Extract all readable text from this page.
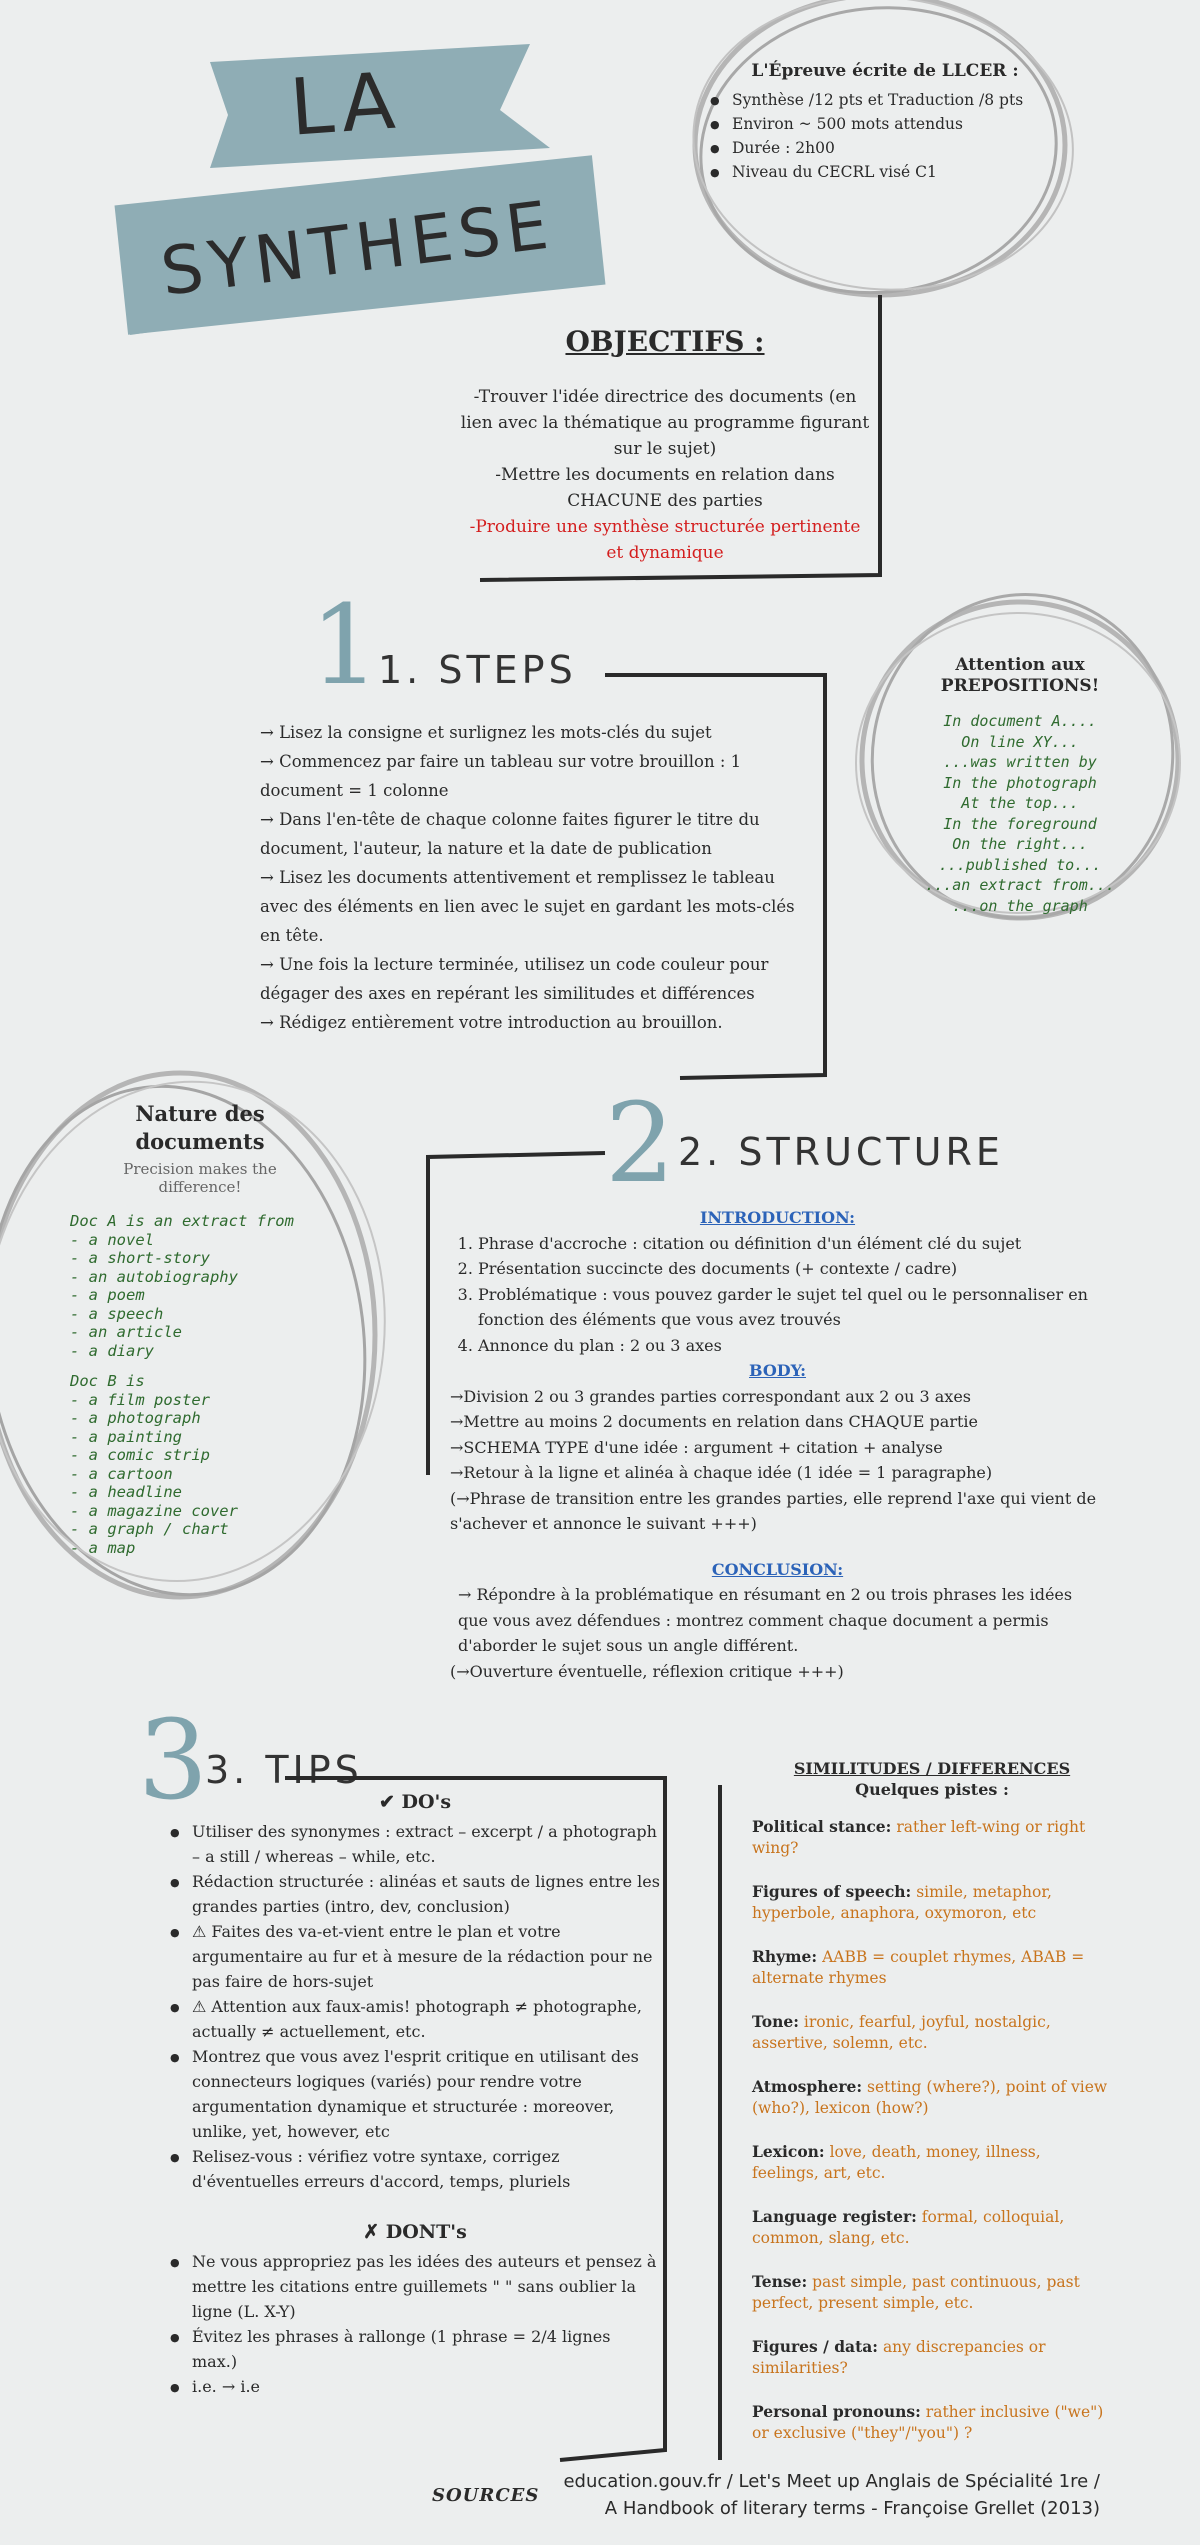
LA
SYNTHESE
L'Épreuve écrite de LLCER :
● Synthèse /12 pts et Traduction /8 pts
● Environ ~ 500 mots attendus
● Durée : 2h00
● Niveau du CECRL visé C1
OBJECTIFS :
-Trouver l'idée directrice des documents (en lien avec la thématique au programme figurant sur le sujet)
-Mettre les documents en relation dans CHACUNE des parties
-Produire une synthèse structurée pertinente et dynamique
1
1. STEPS
→ Lisez la consigne et surlignez les mots-clés du sujet
→ Commencez par faire un tableau sur votre brouillon : 1 document = 1 colonne
→ Dans l'en-tête de chaque colonne faites figurer le titre du document, l'auteur, la nature et la date de publication
→ Lisez les documents attentivement et remplissez le tableau avec des éléments en lien avec le sujet en gardant les mots-clés en tête.
→ Une fois la lecture terminée, utilisez un code couleur pour dégager des axes en repérant les similitudes et différences
→ Rédigez entièrement votre introduction au brouillon.
Attention aux PREPOSITIONS!
In document A....
On line XY...
...was written by
In the photograph
At the top...
In the foreground
On the right...
...published to...
...an extract from...
...on the graph
Nature des documents
Precision makes the difference!
Doc A is an extract from
- a novel
- a short-story
- an autobiography
- a poem
- a speech
- an article
- a diary
Doc B is
- a film poster
- a photograph
- a painting
- a comic strip
- a cartoon
- a headline
- a magazine cover
- a graph / chart
- a map
2 2. STRUCTURE
INTRODUCTION:
1. Phrase d'accroche : citation ou définition d'un élément clé du sujet
2. Présentation succincte des documents (+ contexte / cadre)
3. Problématique : vous pouvez garder le sujet tel quel ou le personnaliser en fonction des éléments que vous avez trouvés
4. Annonce du plan : 2 ou 3 axes
BODY:
→Division 2 ou 3 grandes parties correspondant aux 2 ou 3 axes
→Mettre au moins 2 documents en relation dans CHAQUE partie
→SCHEMA TYPE d'une idée : argument + citation + analyse
→Retour à la ligne et alinéa à chaque idée (1 idée = 1 paragraphe)
(→Phrase de transition entre les grandes parties, elle reprend l'axe qui vient de s'achever et annonce le suivant +++)
CONCLUSION:
→ Répondre à la problématique en résumant en 2 ou trois phrases les idées que vous avez défendues : montrez comment chaque document a permis d'aborder le sujet sous un angle différent.
(→Ouverture éventuelle, réflexion critique +++)
3
3. TIPS
✔ DO's
● Utiliser des synonymes : extract – excerpt / a photograph – a still / whereas – while, etc.
● Rédaction structurée : alinéas et sauts de lignes entre les grandes parties (intro, dev, conclusion)
● ⚠ Faites des va-et-vient entre le plan et votre argumentaire au fur et à mesure de la rédaction pour ne pas faire de hors-sujet
● ⚠ Attention aux faux-amis! photograph ≠ photographe, actually ≠ actuellement, etc.
● Montrez que vous avez l'esprit critique en utilisant des connecteurs logiques (variés) pour rendre votre argumentation dynamique et structurée : moreover, unlike, yet, however, etc
● Relisez-vous : vérifiez votre syntaxe, corrigez d'éventuelles erreurs d'accord, temps, pluriels
✗ DONT's
● Ne vous appropriez pas les idées des auteurs et pensez à mettre les citations entre guillemets " " sans oublier la ligne (L. X-Y)
● Évitez les phrases à rallonge (1 phrase = 2/4 lignes max.)
● i.e. → i.e
SIMILITUDES / DIFFERENCES
Quelques pistes :
Political stance: rather left-wing or right wing?
Figures of speech: simile, metaphor, hyperbole, anaphora, oxymoron, etc
Rhyme: AABB = couplet rhymes, ABAB = alternate rhymes
Tone: ironic, fearful, joyful, nostalgic, assertive, solemn, etc.
Atmosphere: setting (where?), point of view (who?), lexicon (how?)
Lexicon: love, death, money, illness, feelings, art, etc.
Language register: formal, colloquial, common, slang, etc.
Tense: past simple, past continuous, past perfect, present simple, etc.
Figures / data: any discrepancies or similarities?
Personal pronouns: rather inclusive ("we") or exclusive ("they"/"you") ?
SOURCES
education.gouv.fr / Let's Meet up Anglais de Spécialité 1re /
A Handbook of literary terms - Françoise Grellet (2013)
